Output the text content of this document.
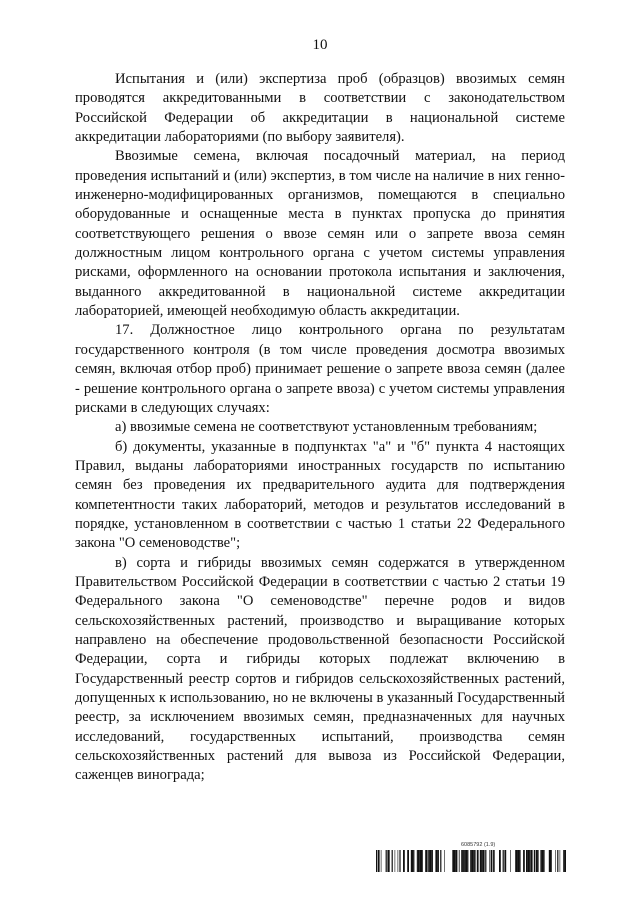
10

Испытания и (или) экспертиза проб (образцов) ввозимых семян проводятся аккредитованными в соответствии с законодательством Российской Федерации об аккредитации в национальной системе аккредитации лабораториями (по выбору заявителя).

Ввозимые семена, включая посадочный материал, на период проведения испытаний и (или) экспертиз, в том числе на наличие в них генно-инженерно-модифицированных организмов, помещаются в специально оборудованные и оснащенные места в пунктах пропуска до принятия соответствующего решения о ввозе семян или о запрете ввоза семян должностным лицом контрольного органа с учетом системы управления рисками, оформленного на основании протокола испытания и заключения, выданного аккредитованной в национальной системе аккредитации лабораторией, имеющей необходимую область аккредитации.

17. Должностное лицо контрольного органа по результатам государственного контроля (в том числе проведения досмотра ввозимых семян, включая отбор проб) принимает решение о запрете ввоза семян (далее - решение контрольного органа о запрете ввоза) с учетом системы управления рисками в следующих случаях:

а) ввозимые семена не соответствуют установленным требованиям;

б) документы, указанные в подпунктах "а" и "б" пункта 4 настоящих Правил, выданы лабораториями иностранных государств по испытанию семян без проведения их предварительного аудита для подтверждения компетентности таких лабораторий, методов и результатов исследований в порядке, установленном в соответствии с частью 1 статьи 22 Федерального закона "О семеноводстве";

в) сорта и гибриды ввозимых семян содержатся в утвержденном Правительством Российской Федерации в соответствии с частью 2 статьи 19 Федерального закона "О семеноводстве" перечне родов и видов сельскохозяйственных растений, производство и выращивание которых направлено на обеспечение продовольственной безопасности Российской Федерации, сорта и гибриды которых подлежат включению в Государственный реестр сортов и гибридов сельскохозяйственных растений, допущенных к использованию, но не включены в указанный Государственный реестр, за исключением ввозимых семян, предназначенных для научных исследований, государственных испытаний, производства семян сельскохозяйственных растений для вывоза из Российской Федерации, саженцев винограда;

6085792 (1.9)
